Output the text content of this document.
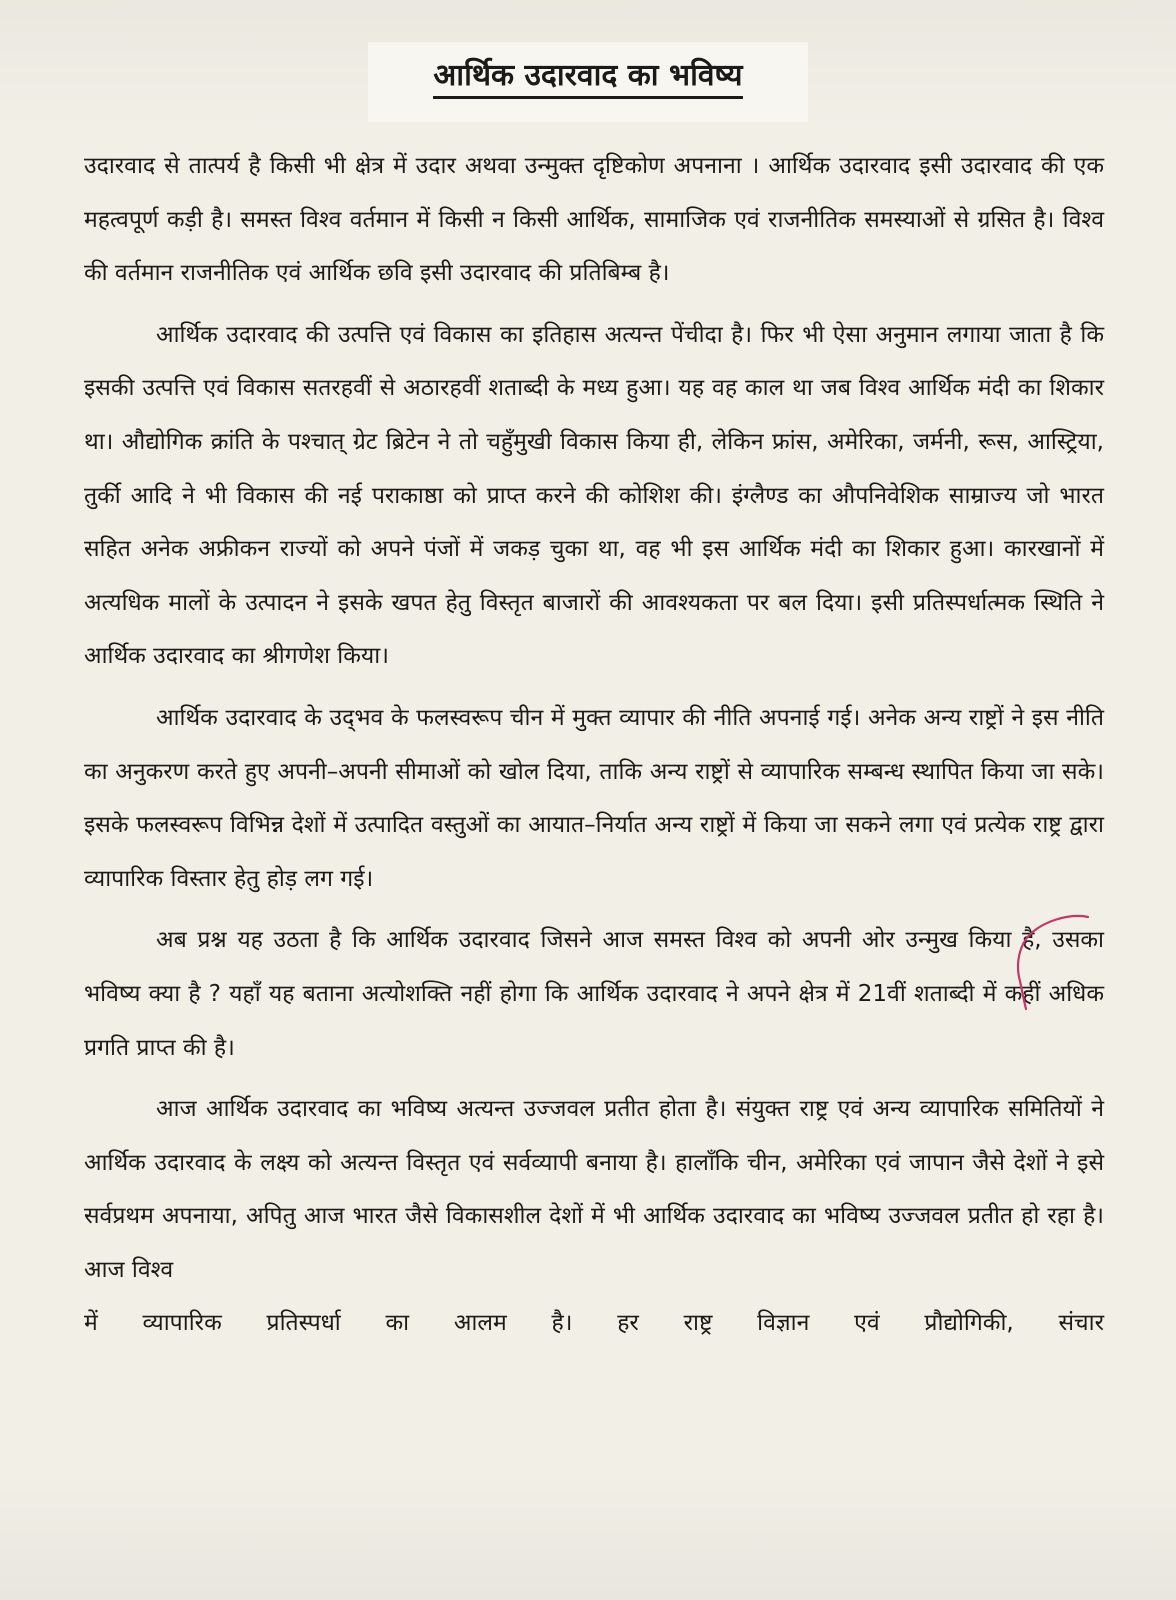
आर्थिक उदारवाद का भविष्य

उदारवाद से तात्पर्य है किसी भी क्षेत्र में उदार अथवा उन्मुक्त दृष्टिकोण अपनाना । आर्थिक उदारवाद इसी उदारवाद की एक महत्वपूर्ण कड़ी है। समस्त विश्व वर्तमान में किसी न किसी आर्थिक, सामाजिक एवं राजनीतिक समस्याओं से ग्रसित है। विश्व की वर्तमान राजनीतिक एवं आर्थिक छवि इसी उदारवाद की प्रतिबिम्ब है।

आर्थिक उदारवाद की उत्पत्ति एवं विकास का इतिहास अत्यन्त पेंचीदा है। फिर भी ऐसा अनुमान लगाया जाता है कि इसकी उत्पत्ति एवं विकास सतरहवीं से अठारहवीं शताब्दी के मध्य हुआ। यह वह काल था जब विश्व आर्थिक मंदी का शिकार था। औद्योगिक क्रांति के पश्चात् ग्रेट ब्रिटेन ने तो चहुँमुखी विकास किया ही, लेकिन फ्रांस, अमेरिका, जर्मनी, रूस, आस्ट्रिया, तुर्की आदि ने भी विकास की नई पराकाष्ठा को प्राप्त करने की कोशिश की। इंग्लैण्ड का औपनिवेशिक साम्राज्य जो भारत सहित अनेक अफ्रीकन राज्यों को अपने पंजों में जकड़ चुका था, वह भी इस आर्थिक मंदी का शिकार हुआ। कारखानों में अत्यधिक मालों के उत्पादन ने इसके खपत हेतु विस्तृत बाजारों की आवश्यकता पर बल दिया। इसी प्रतिस्पर्धात्मक स्थिति ने आर्थिक उदारवाद का श्रीगणेश किया।

आर्थिक उदारवाद के उद्‌भव के फलस्वरूप चीन में मुक्त व्यापार की नीति अपनाई गई। अनेक अन्य राष्ट्रों ने इस नीति का अनुकरण करते हुए अपनी–अपनी सीमाओं को खोल दिया, ताकि अन्य राष्ट्रों से व्यापारिक सम्बन्ध स्थापित किया जा सके। इसके फलस्वरूप विभिन्न देशों में उत्पादित वस्तुओं का आयात–निर्यात अन्य राष्ट्रों में किया जा सकने लगा एवं प्रत्येक राष्ट्र द्वारा व्यापारिक विस्तार हेतु होड़ लग गई।

अब प्रश्न यह उठता है कि आर्थिक उदारवाद जिसने आज समस्त विश्व को अपनी ओर उन्मुख किया है, उसका भविष्य क्या है ? यहाँ यह बताना अत्योशक्ति नहीं होगा कि आर्थिक उदारवाद ने अपने क्षेत्र में 21वीं शताब्दी में कहीं अधिक प्रगति प्राप्त की है।

आज आर्थिक उदारवाद का भविष्य अत्यन्त उज्जवल प्रतीत होता है। संयुक्त राष्ट्र एवं अन्य व्यापारिक समितियों ने आर्थिक उदारवाद के लक्ष्य को अत्यन्त विस्तृत एवं सर्वव्यापी बनाया है। हालाँकि चीन, अमेरिका एवं जापान जैसे देशों ने इसे सर्वप्रथम अपनाया, अपितु आज भारत जैसे विकासशील देशों में भी आर्थिक उदारवाद का भविष्य उज्जवल प्रतीत हो रहा है। आज विश्व

में व्यापारिक प्रतिस्पर्धा का आलम है। हर राष्ट्र विज्ञान एवं प्रौद्योगिकी, संचार
